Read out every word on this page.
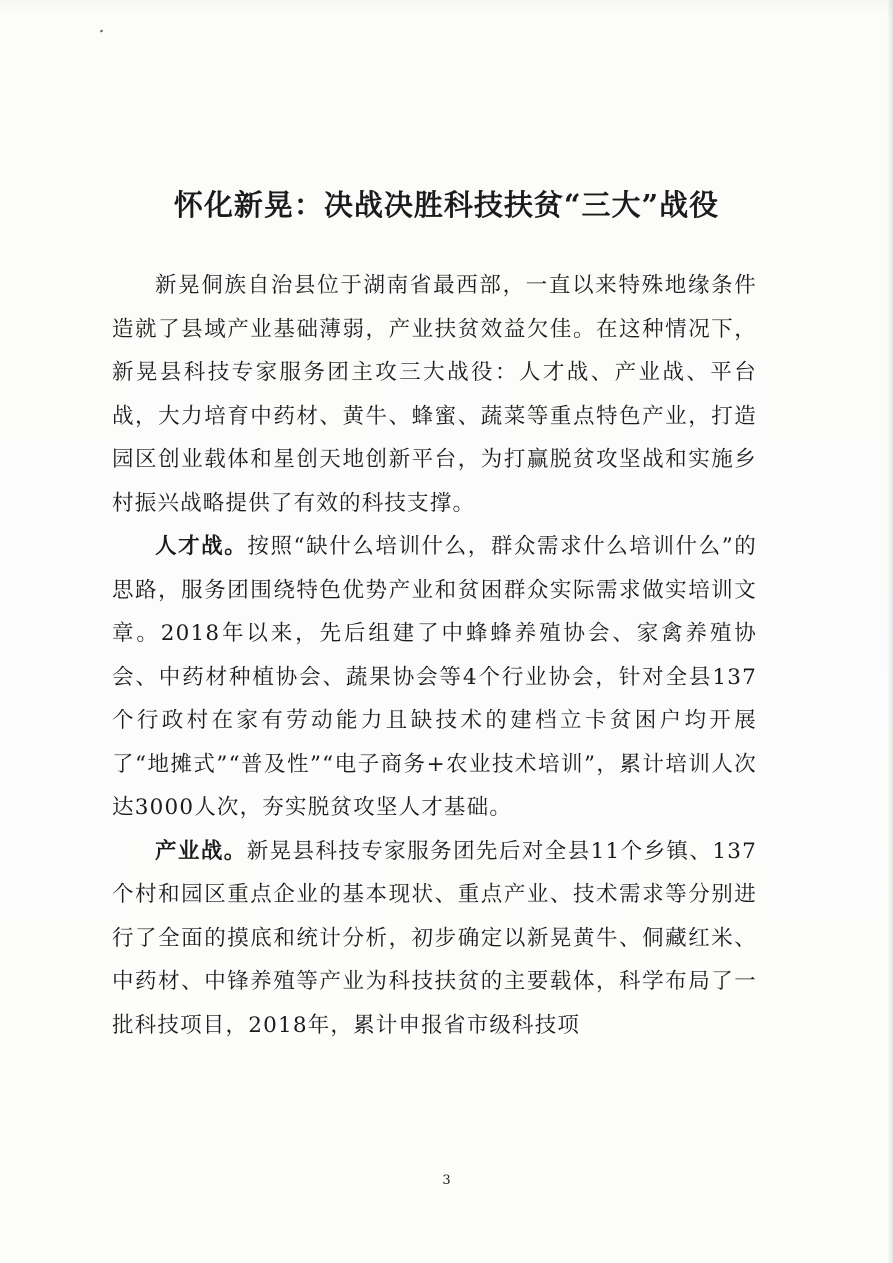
怀化新晃：决战决胜科技扶贫“三大”战役

新晃侗族自治县位于湖南省最西部，一直以来特殊地缘条件造就了县域产业基础薄弱，产业扶贫效益欠佳。在这种情况下，新晃县科技专家服务团主攻三大战役：人才战、产业战、平台战，大力培育中药材、黄牛、蜂蜜、蔬菜等重点特色产业，打造园区创业载体和星创天地创新平台，为打赢脱贫攻坚战和实施乡村振兴战略提供了有效的科技支撑。

人才战。按照“缺什么培训什么，群众需求什么培训什么”的思路，服务团围绕特色优势产业和贫困群众实际需求做实培训文章。2018年以来，先后组建了中蜂蜂养殖协会、家禽养殖协会、中药材种植协会、蔬果协会等4个行业协会，针对全县137个行政村在家有劳动能力且缺技术的建档立卡贫困户均开展了“地摊式”“普及性”“电子商务+农业技术培训”，累计培训人次达3000人次，夯实脱贫攻坚人才基础。

产业战。新晃县科技专家服务团先后对全县11个乡镇、137个村和园区重点企业的基本现状、重点产业、技术需求等分别进行了全面的摸底和统计分析，初步确定以新晃黄牛、侗藏红米、中药材、中锋养殖等产业为科技扶贫的主要载体，科学布局了一批科技项目，2018年，累计申报省市级科技项

3
